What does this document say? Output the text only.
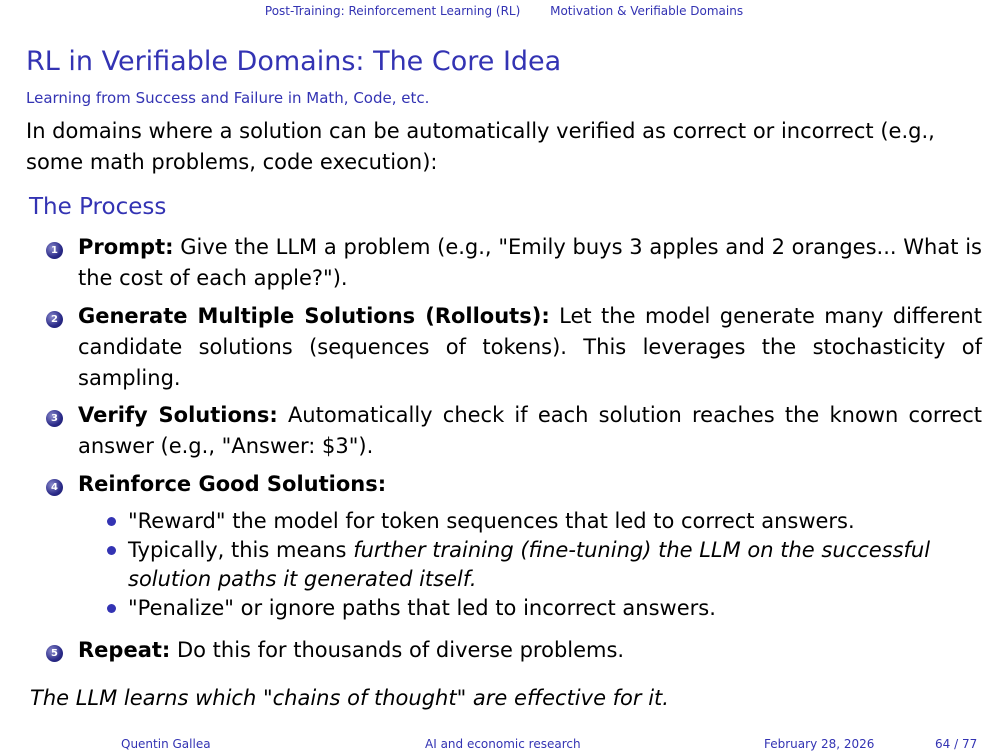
Post-Training: Reinforcement Learning (RL) Motivation & Verifiable Domains
RL in Verifiable Domains: The Core Idea
Learning from Success and Failure in Math, Code, etc.
In domains where a solution can be automatically verified as correct or incorrect (e.g., some math problems, code execution):
The Process
1 Prompt: Give the LLM a problem (e.g., "Emily buys 3 apples and 2 oranges... What is the cost of each apple?").
2 Generate Multiple Solutions (Rollouts): Let the model generate many different candidate solutions (sequences of tokens). This leverages the stochasticity of sampling.
3 Verify Solutions: Automatically check if each solution reaches the known correct answer (e.g., "Answer: $3").
4 Reinforce Good Solutions:
"Reward" the model for token sequences that led to correct answers.
Typically, this means further training (fine-tuning) the LLM on the successful solution paths it generated itself.
"Penalize" or ignore paths that led to incorrect answers.
5 Repeat: Do this for thousands of diverse problems.
The LLM learns which "chains of thought" are effective for it.
Quentin Gallea	AI and economic research	February 28, 2026	64 / 77
